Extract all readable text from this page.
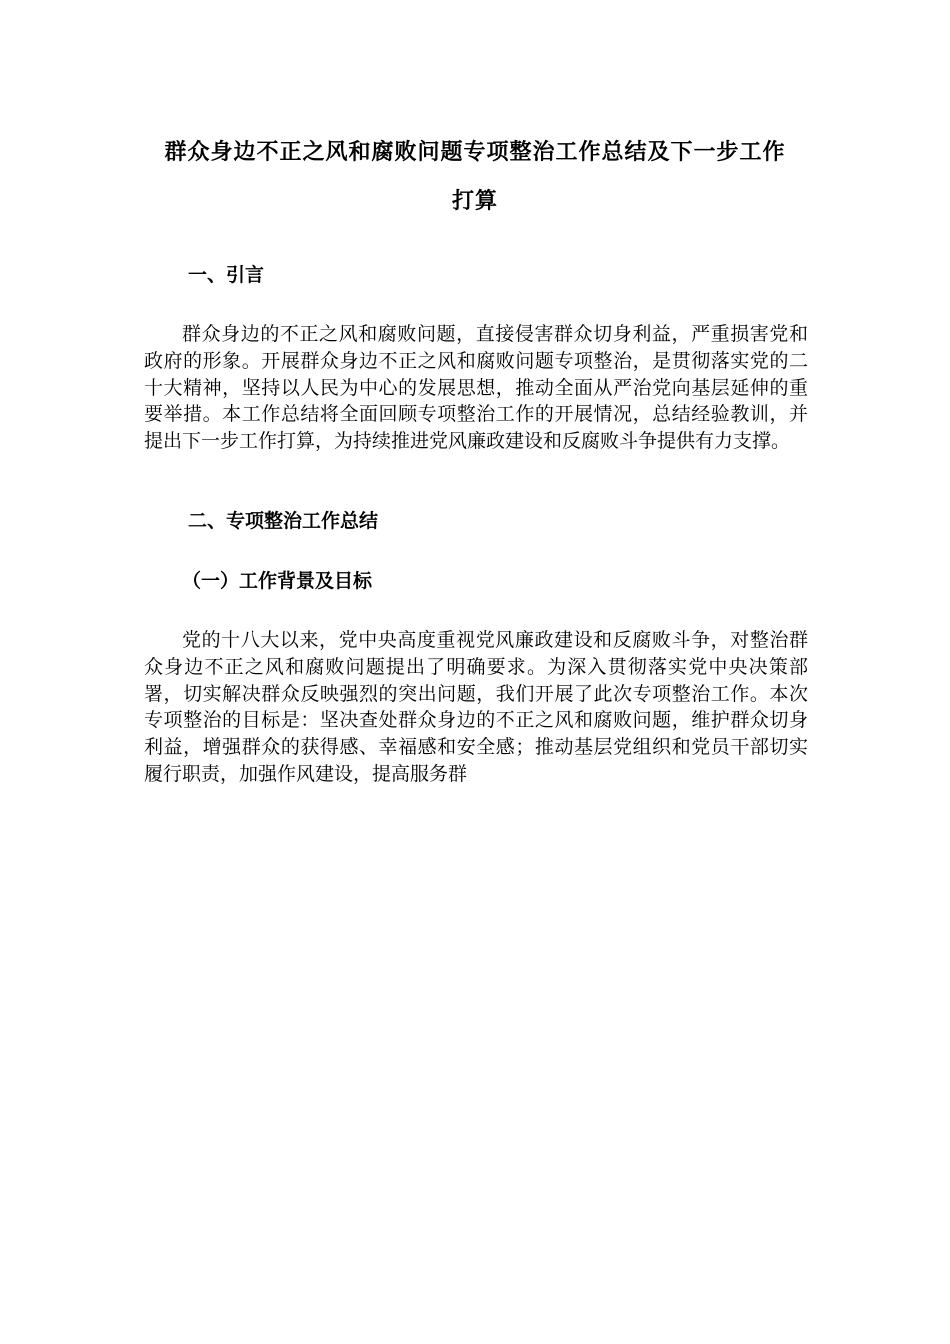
群众身边不正之风和腐败问题专项整治工作总结及下一步工作
打算
一、引言

群众身边的不正之风和腐败问题，直接侵害群众切身利益，严重损害党和政府的形象。开展群众身边不正之风和腐败问题专项整治，是贯彻落实党的二十大精神，坚持以人民为中心的发展思想，推动全面从严治党向基层延伸的重要举措。本工作总结将全面回顾专项整治工作的开展情况，总结经验教训，并提出下一步工作打算，为持续推进党风廉政建设和反腐败斗争提供有力支撑。

二、专项整治工作总结
（一）工作背景及目标

党的十八大以来，党中央高度重视党风廉政建设和反腐败斗争，对整治群众身边不正之风和腐败问题提出了明确要求。为深入贯彻落实党中央决策部署，切实解决群众反映强烈的突出问题，我们开展了此次专项整治工作。本次专项整治的目标是：坚决查处群众身边的不正之风和腐败问题，维护群众切身利益，增强群众的获得感、幸福感和安全感；推动基层党组织和党员干部切实履行职责，加强作风建设，提高服务群
